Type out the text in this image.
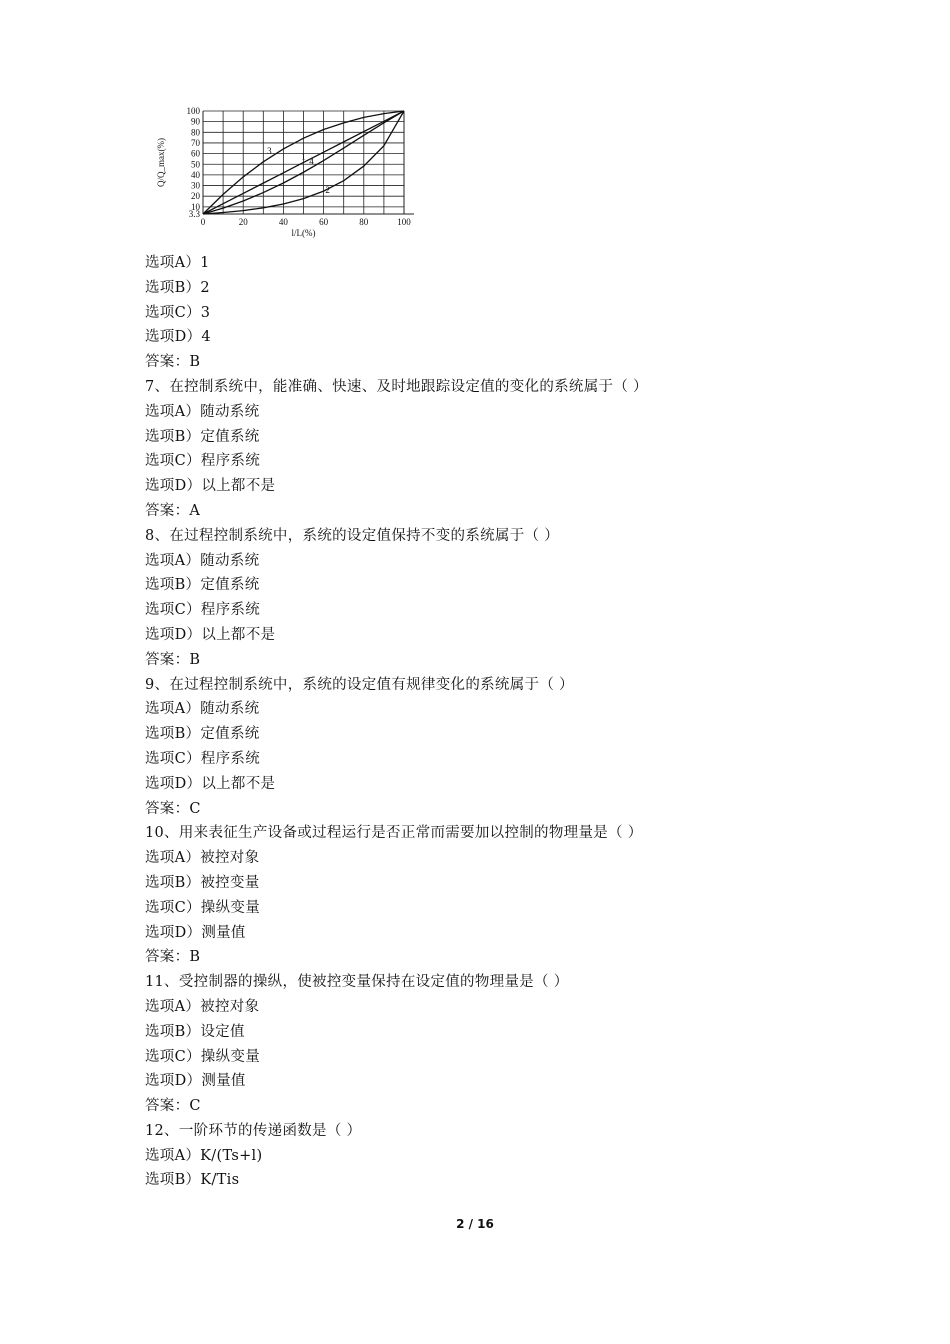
3.3
10
20
30
40
50
60
70
80
90
100
0	20	40	60	80	100
l/L(%)
Q/Q_max(%)	1
2
3
4
选项A）1
选项B）2
选项C）3
选项D）4
答案：B
7、在控制系统中，能准确、快速、及时地跟踪设定值的变化的系统属于（ ）
选项A）随动系统
选项B）定值系统
选项C）程序系统
选项D）以上都不是
答案：A
8、在过程控制系统中，系统的设定值保持不变的系统属于（ ）
选项A）随动系统
选项B）定值系统
选项C）程序系统
选项D）以上都不是
答案：B
9、在过程控制系统中，系统的设定值有规律变化的系统属于（ ）
选项A）随动系统
选项B）定值系统
选项C）程序系统
选项D）以上都不是
答案：C
10、用来表征生产设备或过程运行是否正常而需要加以控制的物理量是（ ）
选项A）被控对象
选项B）被控变量
选项C）操纵变量
选项D）测量值
答案：B
11、受控制器的操纵，使被控变量保持在设定值的物理量是（ ）
选项A）被控对象
选项B）设定值
选项C）操纵变量
选项D）测量值
答案：C
12、一阶环节的传递函数是（ ）
选项A）K/(Ts+l)
选项B）K/Tis
2 / 16
